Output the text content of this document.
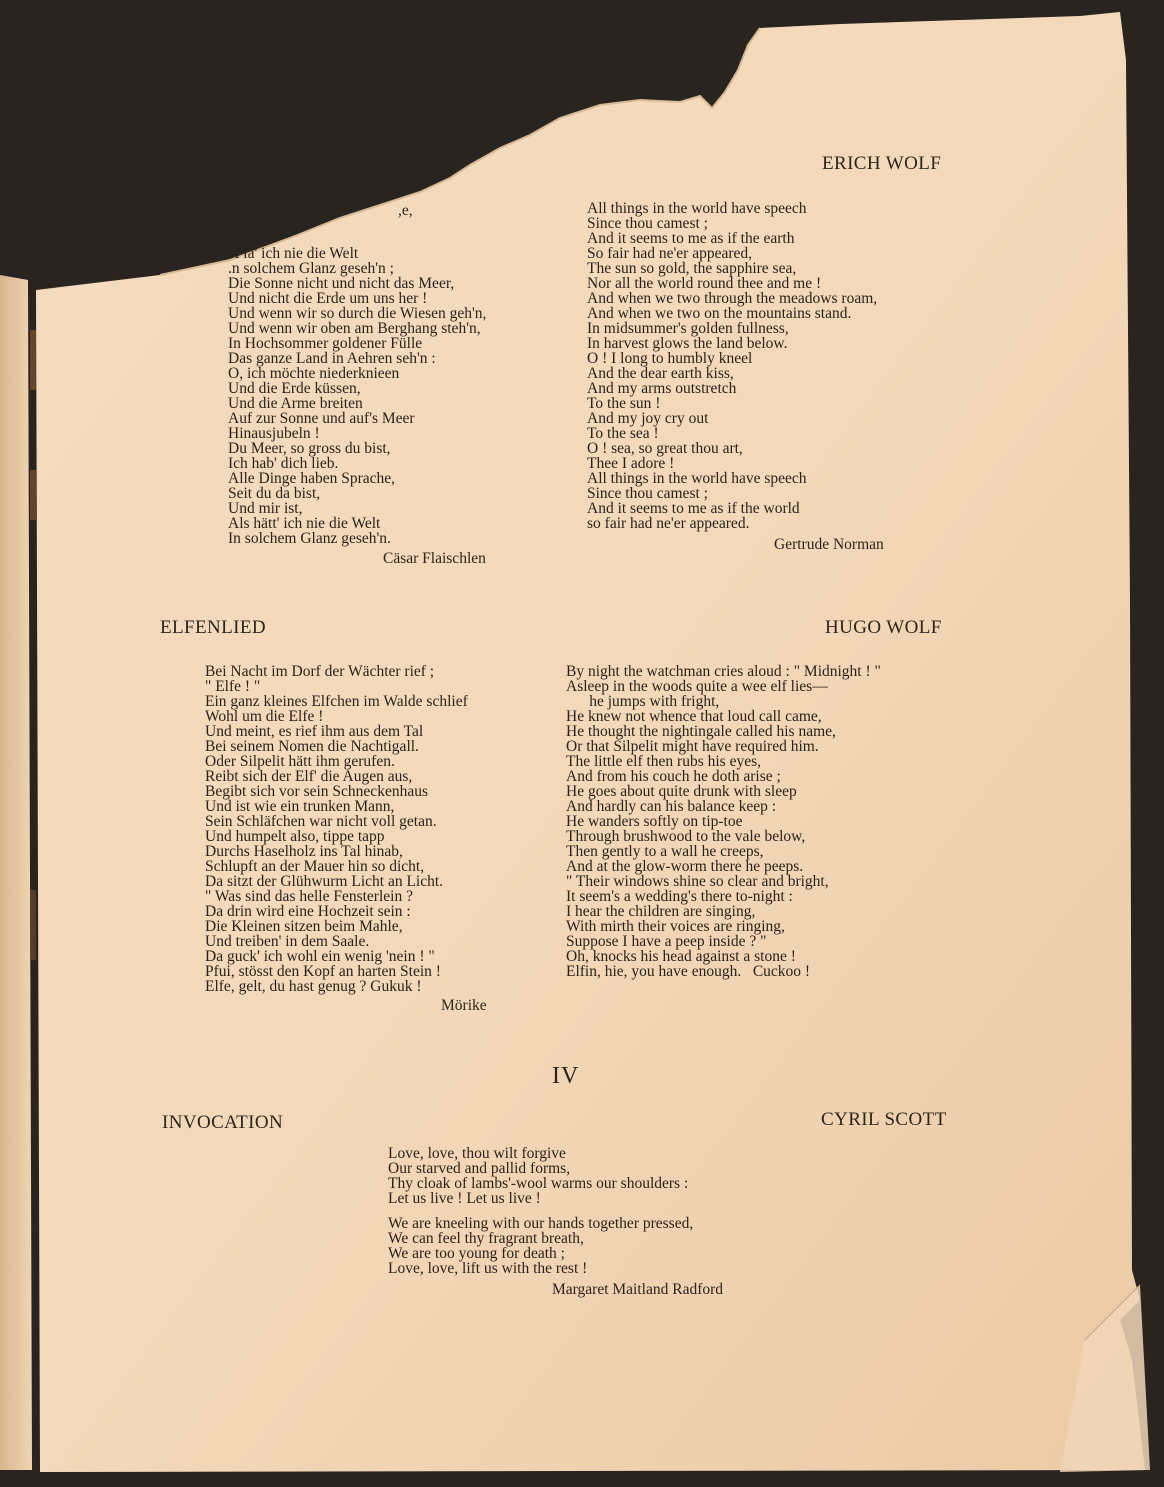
ERICH WOLF
,e,
' Fla' ich nie die Welt
.n solchem Glanz geseh'n ;
Die Sonne nicht und nicht das Meer,
Und nicht die Erde um uns her !
Und wenn wir so durch die Wiesen geh'n,
Und wenn wir oben am Berghang steh'n,
In Hochsommer goldener Fülle
Das ganze Land in Aehren seh'n :
O, ich möchte niederknieen
Und die Erde küssen,
Und die Arme breiten
Auf zur Sonne und auf's Meer
Hinausjubeln !
Du Meer, so gross du bist,
Ich hab' dich lieb.
Alle Dinge haben Sprache,
Seit du da bist,
Und mir ist,
Als hätt' ich nie die Welt
In solchem Glanz geseh'n.
Cäsar Flaischlen
All things in the world have speech
Since thou camest ;
And it seems to me as if the earth
So fair had ne'er appeared,
The sun so gold, the sapphire sea,
Nor all the world round thee and me !
And when we two through the meadows roam,
And when we two on the mountains stand.
In midsummer's golden fullness,
In harvest glows the land below.
O ! I long to humbly kneel
And the dear earth kiss,
And my arms outstretch
To the sun !
And my joy cry out
To the sea !
O ! sea, so great thou art,
Thee I adore !
All things in the world have speech
Since thou camest ;
And it seems to me as if the world
so fair had ne'er appeared.
Gertrude Norman
ELFENLIED	HUGO WOLF
Bei Nacht im Dorf der Wächter rief ;
" Elfe ! "
Ein ganz kleines Elfchen im Walde schlief
Wohl um die Elfe !
Und meint, es rief ihm aus dem Tal
Bei seinem Nomen die Nachtigall.
Oder Silpelit hätt ihm gerufen.
Reibt sich der Elf' die Augen aus,
Begibt sich vor sein Schneckenhaus
Und ist wie ein trunken Mann,
Sein Schläfchen war nicht voll getan.
Und humpelt also, tippe tapp
Durchs Haselholz ins Tal hinab,
Schlupft an der Mauer hin so dicht,
Da sitzt der Glühwurm Licht an Licht.
" Was sind das helle Fensterlein ?
Da drin wird eine Hochzeit sein :
Die Kleinen sitzen beim Mahle,
Und treiben' in dem Saale.
Da guck' ich wohl ein wenig 'nein ! "
Pfui, stösst den Kopf an harten Stein !
Elfe, gelt, du hast genug ? Gukuk !
Mörike
By night the watchman cries aloud : " Midnight ! "
Asleep in the woods quite a wee elf lies—
he jumps with fright,
He knew not whence that loud call came,
He thought the nightingale called his name,
Or that Silpelit might have required him.
The little elf then rubs his eyes,
And from his couch he doth arise ;
He goes about quite drunk with sleep
And hardly can his balance keep :
He wanders softly on tip-toe
Through brushwood to the vale below,
Then gently to a wall he creeps,
And at the glow-worm there he peeps.
" Their windows shine so clear and bright,
It seem's a wedding's there to-night :
I hear the children are singing,
With mirth their voices are ringing,
Suppose I have a peep inside ? "
Oh, knocks his head against a stone !
Elfin, hie, you have enough.   Cuckoo !
IV
INVOCATION	CYRIL SCOTT
Love, love, thou wilt forgive
Our starved and pallid forms,
Thy cloak of lambs'-wool warms our shoulders :
Let us live ! Let us live !
We are kneeling with our hands together pressed,
We can feel thy fragrant breath,
We are too young for death ;
Love, love, lift us with the rest !
Margaret Maitland Radford
